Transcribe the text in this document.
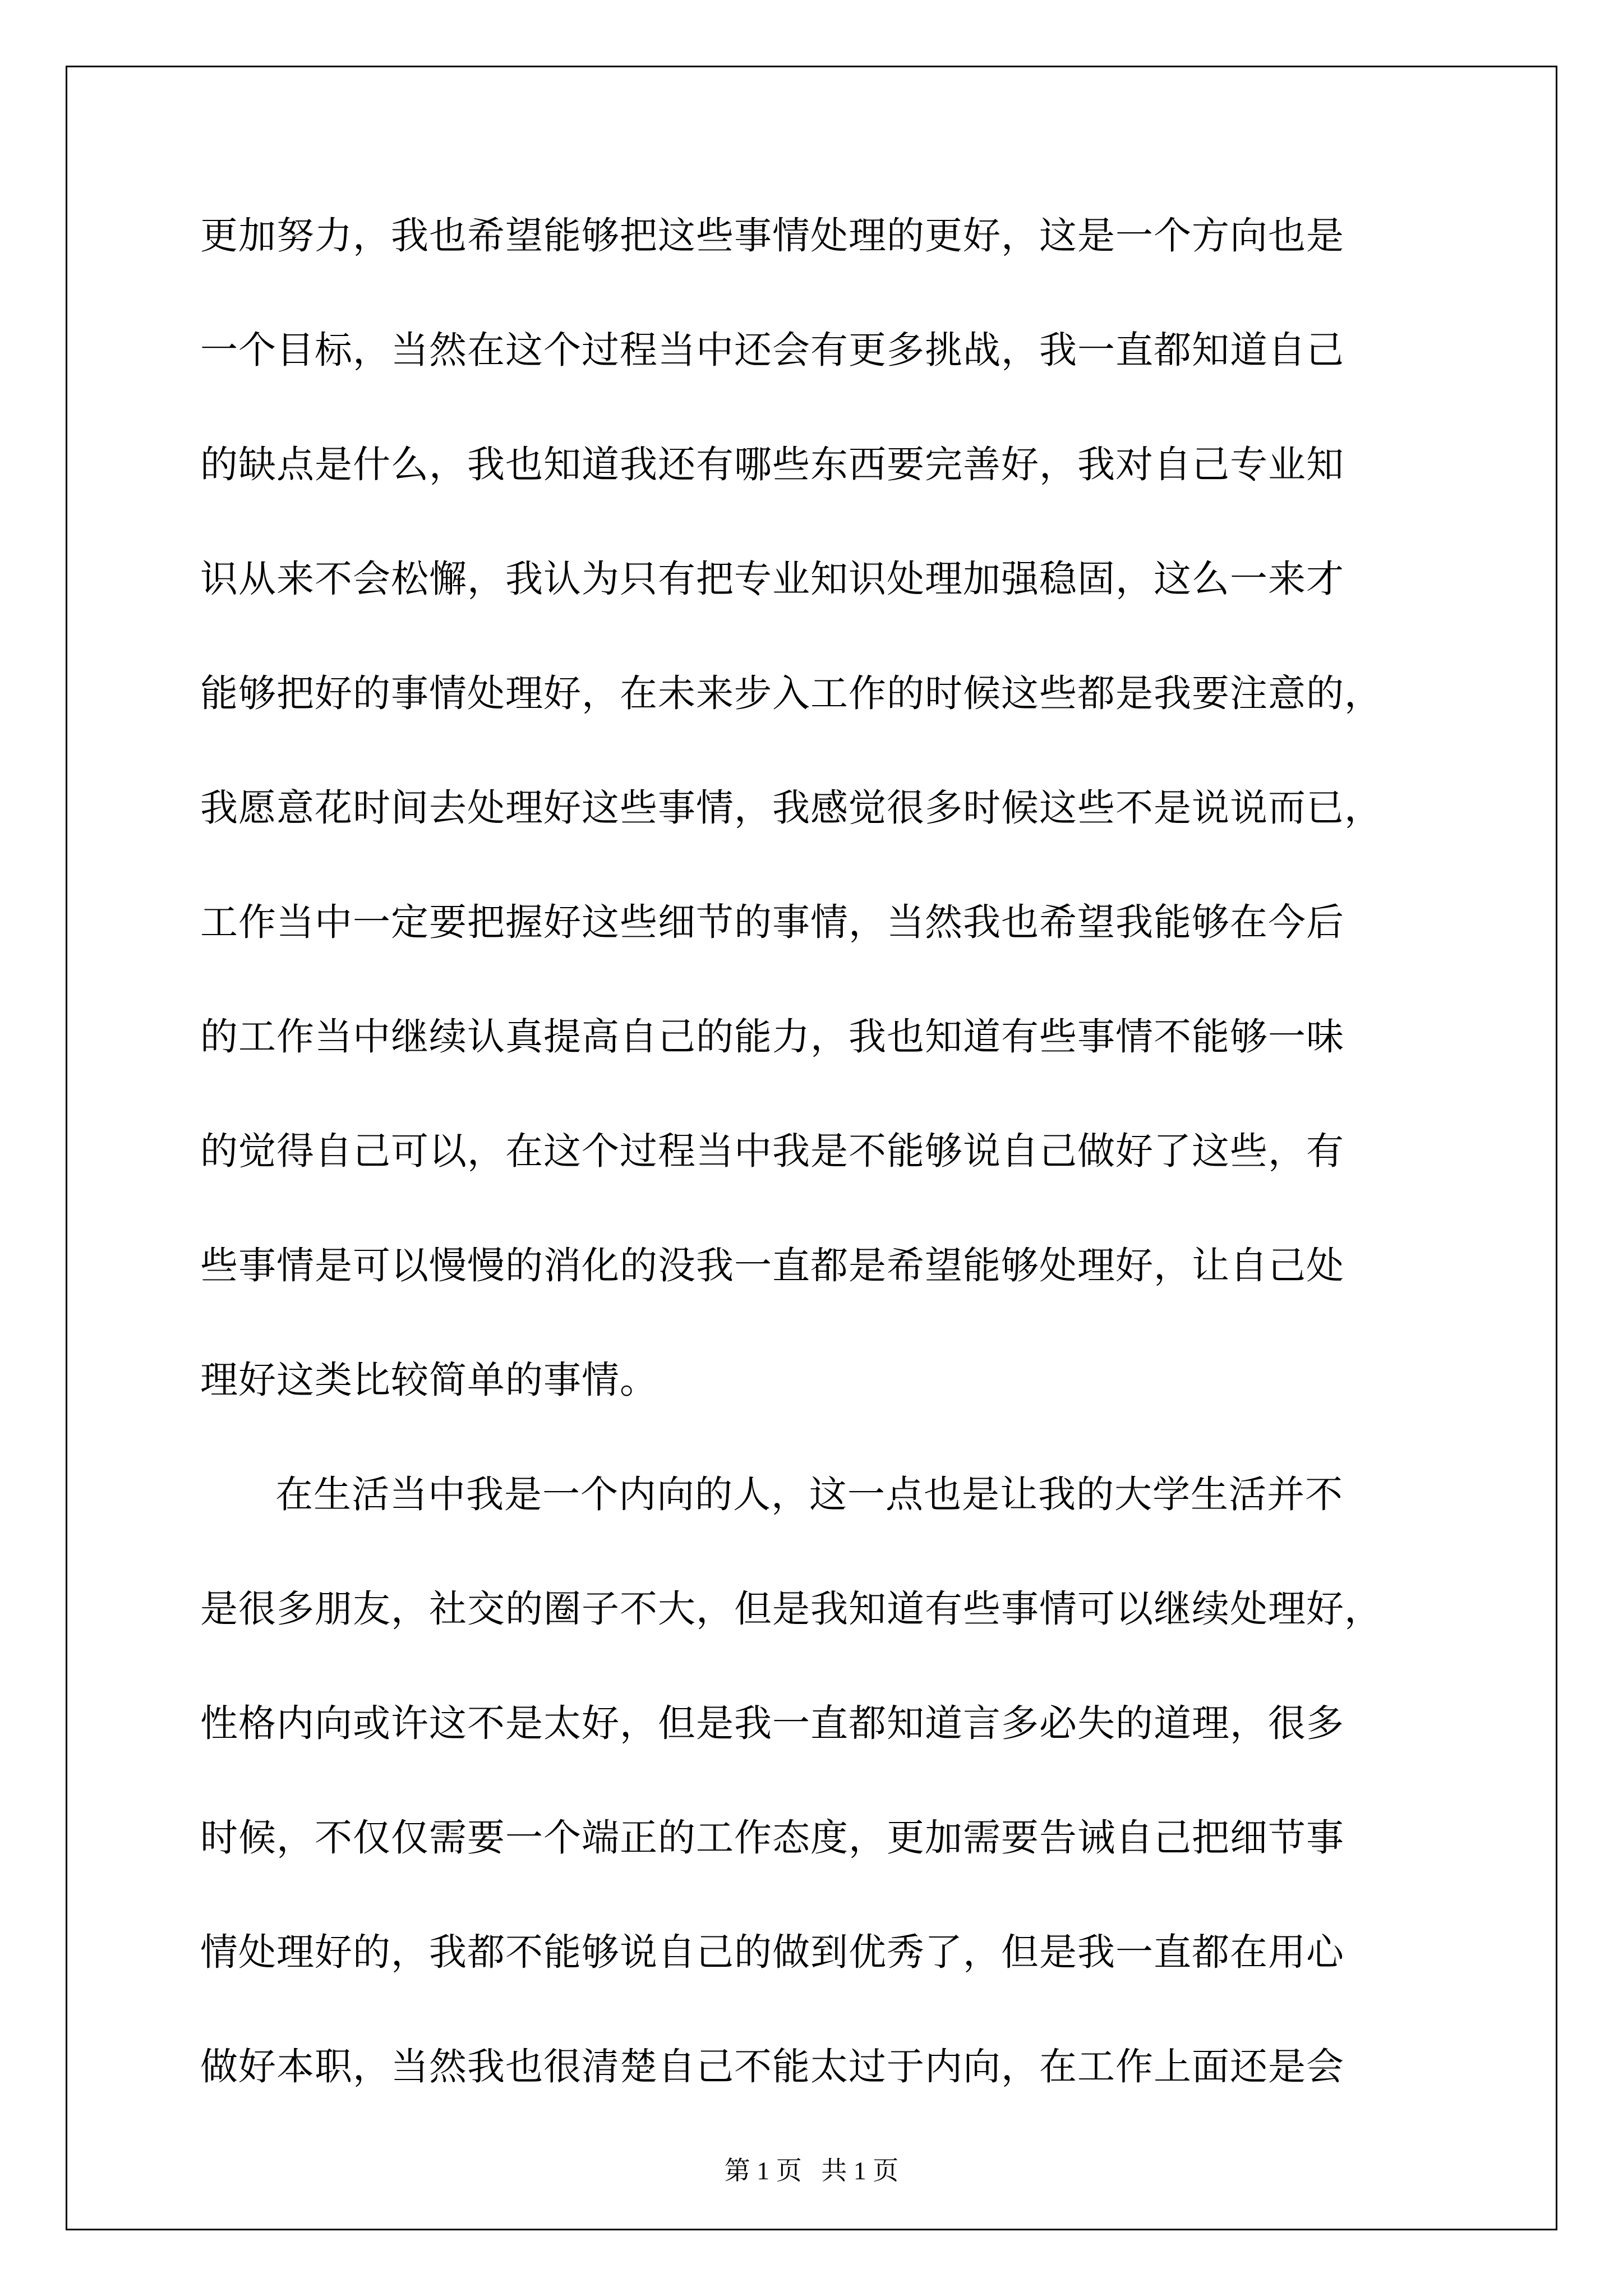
更加努力，我也希望能够把这些事情处理的更好，这是一个方向也是
一个目标，当然在这个过程当中还会有更多挑战，我一直都知道自己
的缺点是什么，我也知道我还有哪些东西要完善好，我对自己专业知
识从来不会松懈，我认为只有把专业知识处理加强稳固，这么一来才
能够把好的事情处理好，在未来步入工作的时候这些都是我要注意的，
我愿意花时间去处理好这些事情，我感觉很多时候这些不是说说而已，
工作当中一定要把握好这些细节的事情，当然我也希望我能够在今后
的工作当中继续认真提高自己的能力，我也知道有些事情不能够一味
的觉得自己可以，在这个过程当中我是不能够说自己做好了这些，有
些事情是可以慢慢的消化的没我一直都是希望能够处理好，让自己处
理好这类比较简单的事情。
在生活当中我是一个内向的人，这一点也是让我的大学生活并不
是很多朋友，社交的圈子不大，但是我知道有些事情可以继续处理好，
性格内向或许这不是太好，但是我一直都知道言多必失的道理，很多
时候，不仅仅需要一个端正的工作态度，更加需要告诫自己把细节事
情处理好的，我都不能够说自己的做到优秀了，但是我一直都在用心
做好本职，当然我也很清楚自己不能太过于内向，在工作上面还是会
第 1 页   共 1 页
